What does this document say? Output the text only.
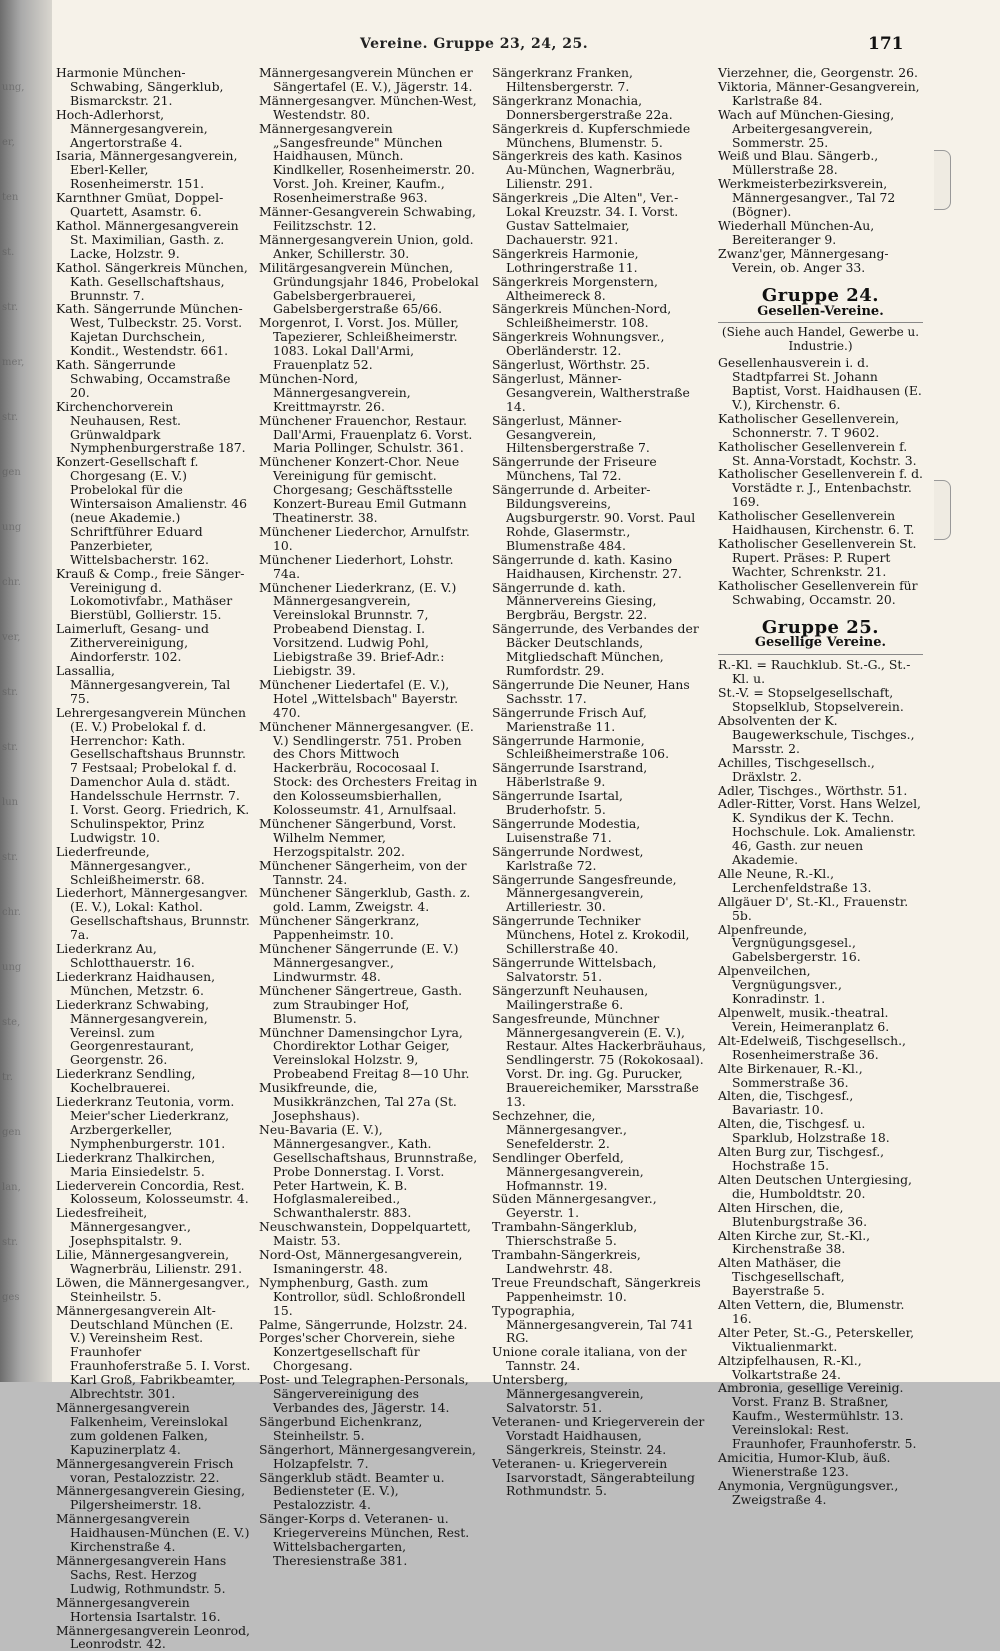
ung,
er,
ten
st.
str.
mer,
str.
gen
ung
chr.
ver,
str.
str.
lun
str.
chr.
ung
ste,
tr.
gen
lan,
str.
ges
Vereine. Gruppe 23, 24, 25.	171

Harmonie München-Schwabing, Sängerklub, Bismarckstr. 21.

Hoch-Adlerhorst, Männergesangverein, Angertorstraße 4.

Isaria, Männergesangverein, Eberl-Keller, Rosenheimerstr. 151.

Karnthner Gmüat, Doppel-Quartett, Asamstr. 6.

Kathol. Männergesangverein St. Maximilian, Gasth. z. Lacke, Holzstr. 9.

Kathol. Sängerkreis München, Kath. Gesellschaftshaus, Brunnstr. 7.

Kath. Sängerrunde München-West, Tulbeckstr. 25. Vorst. Kajetan Durchschein, Kondit., Westendstr. 661.

Kath. Sängerrunde Schwabing, Occamstraße 20.

Kirchenchorverein Neuhausen, Rest. Grünwaldpark Nymphenburgerstraße 187.

Konzert-Gesellschaft f. Chorgesang (E. V.) Probelokal für die Wintersaison Amalienstr. 46 (neue Akademie.) Schriftführer Eduard Panzerbieter, Wittelsbacherstr. 162.

Krauß & Comp., freie Sänger-Vereinigung d. Lokomotivfabr., Mathäser Bierstübl, Gollierstr. 15.

Laimerluft, Gesang- und Zithervereinigung, Aindorferstr. 102.

Lassallia, Männergesangverein, Tal 75.

Lehrergesangverein München (E. V.) Probelokal f. d. Herrenchor: Kath. Gesellschaftshaus Brunnstr. 7 Festsaal; Probelokal f. d. Damenchor Aula d. städt. Handelsschule Herrnstr. 7. I. Vorst. Georg. Friedrich, K. Schulinspektor, Prinz Ludwigstr. 10.

Liederfreunde, Männergesangver., Schleißheimerstr. 68.

Liederhort, Männergesangver. (E. V.), Lokal: Kathol. Gesellschaftshaus, Brunnstr. 7a.

Liederkranz Au, Schlotthauerstr. 16.

Liederkranz Haidhausen, München, Metzstr. 6.

Liederkranz Schwabing, Männergesangverein, Vereinsl. zum Georgenrestaurant, Georgenstr. 26.

Liederkranz Sendling, Kochelbrauerei.

Liederkranz Teutonia, vorm. Meier'scher Liederkranz, Arzbergerkeller, Nymphenburgerstr. 101.

Liederkranz Thalkirchen, Maria Einsiedelstr. 5.

Liederverein Concordia, Rest. Kolosseum, Kolosseumstr. 4.

Liedesfreiheit, Männergesangver., Josephspitalstr. 9.

Lilie, Männergesangverein, Wagnerbräu, Lilienstr. 291.

Löwen, die Männergesangver., Steinheilstr. 5.

Männergesangverein Alt-Deutschland München (E. V.) Vereinsheim Rest. Fraunhofer Fraunhoferstraße 5. I. Vorst. Karl Groß, Fabrikbeamter, Albrechtstr. 301.

Männergesangverein Falkenheim, Vereinslokal zum goldenen Falken, Kapuzinerplatz 4.

Männergesangverein Frisch voran, Pestalozzistr. 22.

Männergesangverein Giesing, Pilgersheimerstr. 18.

Männergesangverein Haidhausen-München (E. V.) Kirchenstraße 4.

Männergesangverein Hans Sachs, Rest. Herzog Ludwig, Rothmundstr. 5.

Männergesangverein Hortensia Isartalstr. 16.

Männergesangverein Leonrod, Leonrodstr. 42.

Männergesangverein München er Sängertafel (E. V.), Jägerstr. 14.

Männergesangver. München-West, Westendstr. 80.

Männergesangverein „Sangesfreunde" München Haidhausen, Münch. Kindlkeller, Rosenheimerstr. 20. Vorst. Joh. Kreiner, Kaufm., Rosenheimerstraße 963.

Männer-Gesangverein Schwabing, Feilitzschstr. 12.

Männergesangverein Union, gold. Anker, Schillerstr. 30.

Militärgesangverein München, Gründungsjahr 1846, Probelokal Gabelsbergerbrauerei, Gabelsbergerstraße 65/66.

Morgenrot, I. Vorst. Jos. Müller, Tapezierer, Schleißheimerstr. 1083. Lokal Dall'Armi, Frauenplatz 52.

München-Nord, Männergesangverein, Kreittmayrstr. 26.

Münchener Frauenchor, Restaur. Dall'Armi, Frauenplatz 6. Vorst. Maria Pollinger, Schulstr. 361.

Münchener Konzert-Chor. Neue Vereinigung für gemischt. Chorgesang; Geschäftsstelle Konzert-Bureau Emil Gutmann Theatinerstr. 38.

Münchener Liederchor, Arnulfstr. 10.

Münchener Liederhort, Lohstr. 74a.

Münchener Liederkranz, (E. V.) Männergesangverein, Vereinslokal Brunnstr. 7, Probeabend Dienstag. I. Vorsitzend. Ludwig Pohl, Liebigstraße 39. Brief-Adr.: Liebigstr. 39.

Münchener Liedertafel (E. V.), Hotel „Wittelsbach" Bayerstr. 470.

Münchener Männergesangver. (E. V.) Sendlingerstr. 751. Proben des Chors Mittwoch Hackerbräu, Rococosaal I. Stock: des Orchesters Freitag in den Kolosseumsbierhallen, Kolosseumstr. 41, Arnulfsaal.

Münchener Sängerbund, Vorst. Wilhelm Nemmer, Herzogspitalstr. 202.

Münchener Sängerheim, von der Tannstr. 24.

Münchener Sängerklub, Gasth. z. gold. Lamm, Zweigstr. 4.

Münchener Sängerkranz, Pappenheimstr. 10.

Münchener Sängerrunde (E. V.) Männergesangver., Lindwurmstr. 48.

Münchener Sängertreue, Gasth. zum Straubinger Hof, Blumenstr. 5.

Münchner Damensingchor Lyra, Chordirektor Lothar Geiger, Vereinslokal Holzstr. 9, Probeabend Freitag 8—10 Uhr.

Musikfreunde, die, Musikkränzchen, Tal 27a (St. Josephshaus).

Neu-Bavaria (E. V.), Männergesangver., Kath. Gesellschaftshaus, Brunnstraße, Probe Donnerstag. I. Vorst. Peter Hartwein, K. B. Hofglasmalereibed., Schwanthalerstr. 883.

Neuschwanstein, Doppelquartett, Maistr. 53.

Nord-Ost, Männergesangverein, Ismaningerstr. 48.

Nymphenburg, Gasth. zum Kontrollor, südl. Schloßrondell 15.

Palme, Sängerrunde, Holzstr. 24.

Porges'scher Chorverein, siehe Konzertgesellschaft für Chorgesang.

Post- und Telegraphen-Personals, Sängervereinigung des Verbandes des, Jägerstr. 14.

Sängerbund Eichenkranz, Steinheilstr. 5.

Sängerhort, Männergesangverein, Holzapfelstr. 7.

Sängerklub städt. Beamter u. Bediensteter (E. V.), Pestalozzistr. 4.

Sänger-Korps d. Veteranen- u. Kriegervereins München, Rest. Wittelsbachergarten, Theresienstraße 381.

Sängerkranz Franken, Hiltensbergerstr. 7.

Sängerkranz Monachia, Donnersbergerstraße 22a.

Sängerkreis d. Kupferschmiede Münchens, Blumenstr. 5.

Sängerkreis des kath. Kasinos Au-München, Wagnerbräu, Lilienstr. 291.

Sängerkreis „Die Alten", Ver.-Lokal Kreuzstr. 34. I. Vorst. Gustav Sattelmaier, Dachauerstr. 921.

Sängerkreis Harmonie, Lothringerstraße 11.

Sängerkreis Morgenstern, Altheimereck 8.

Sängerkreis München-Nord, Schleißheimerstr. 108.

Sängerkreis Wohnungsver., Oberländerstr. 12.

Sängerlust, Wörthstr. 25.

Sängerlust, Männer-Gesangverein, Waltherstraße 14.

Sängerlust, Männer-Gesangverein, Hiltensbergerstraße 7.

Sängerrunde der Friseure Münchens, Tal 72.

Sängerrunde d. Arbeiter-Bildungsvereins, Augsburgerstr. 90. Vorst. Paul Rohde, Glasermstr., Blumenstraße 484.

Sängerrunde d. kath. Kasino Haidhausen, Kirchenstr. 27.

Sängerrunde d. kath. Männervereins Giesing, Bergbräu, Bergstr. 22.

Sängerrunde, des Verbandes der Bäcker Deutschlands, Mitgliedschaft München, Rumfordstr. 29.

Sängerrunde Die Neuner, Hans Sachsstr. 17.

Sängerrunde Frisch Auf, Marienstraße 11.

Sängerrunde Harmonie, Schleißheimerstraße 106.

Sängerrunde Isarstrand, Häberlstraße 9.

Sängerrunde Isartal, Bruderhofstr. 5.

Sängerrunde Modestia, Luisenstraße 71.

Sängerrunde Nordwest, Karlstraße 72.

Sängerrunde Sangesfreunde, Männergesangverein, Artilleriestr. 30.

Sängerrunde Techniker Münchens, Hotel z. Krokodil, Schillerstraße 40.

Sängerrunde Wittelsbach, Salvatorstr. 51.

Sängerzunft Neuhausen, Mailingerstraße 6.

Sangesfreunde, Münchner Männergesangverein (E. V.), Restaur. Altes Hackerbräuhaus, Sendlingerstr. 75 (Rokokosaal). Vorst. Dr. ing. Gg. Purucker, Brauereichemiker, Marsstraße 13.

Sechzehner, die, Männergesangver., Senefelderstr. 2.

Sendlinger Oberfeld, Männergesangverein, Hofmannstr. 19.

Süden Männergesangver., Geyerstr. 1.

Trambahn-Sängerklub, Thierschstraße 5.

Trambahn-Sängerkreis, Landwehrstr. 48.

Treue Freundschaft, Sängerkreis Pappenheimstr. 10.

Typographia, Männergesangverein, Tal 741 RG.

Unione corale italiana, von der Tannstr. 24.

Untersberg, Männergesangverein, Salvatorstr. 51.

Veteranen- und Kriegerverein der Vorstadt Haidhausen, Sängerkreis, Steinstr. 24.

Veteranen- u. Kriegerverein Isarvorstadt, Sängerabteilung Rothmundstr. 5.

Vierzehner, die, Georgenstr. 26.

Viktoria, Männer-Gesangverein, Karlstraße 84.

Wach auf München-Giesing, Arbeitergesangverein, Sommerstr. 25.

Weiß und Blau. Sängerb., Müllerstraße 28.

Werkmeisterbezirksverein, Männergesangver., Tal 72 (Bögner).

Wiederhall München-Au, Bereiteranger 9.

Zwanz'ger, Männergesang-Verein, ob. Anger 33.

Gruppe 24.
Gesellen-Vereine.
(Siehe auch Handel, Gewerbe u. Industrie.)

Gesellenhausverein i. d. Stadtpfarrei St. Johann Baptist, Vorst. Haidhausen (E. V.), Kirchenstr. 6.

Katholischer Gesellenverein, Schonnerstr. 7. T 9602.

Katholischer Gesellenverein f. St. Anna-Vorstadt, Kochstr. 3.

Katholischer Gesellenverein f. d. Vorstädte r. J., Entenbachstr. 169.

Katholischer Gesellenverein Haidhausen, Kirchenstr. 6. T.

Katholischer Gesellenverein St. Rupert. Präses: P. Rupert Wachter, Schrenkstr. 21.

Katholischer Gesellenverein für Schwabing, Occamstr. 20.

Gruppe 25.
Gesellige Vereine.

R.-Kl. = Rauchklub. St.-G., St.-Kl. u.

St.-V. = Stopselgesellschaft, Stopselklub, Stopselverein.

Absolventen der K. Baugewerkschule, Tischges., Marsstr. 2.

Achilles, Tischgesellsch., Dräxlstr. 2.

Adler, Tischges., Wörthstr. 51.

Adler-Ritter, Vorst. Hans Welzel, K. Syndikus der K. Techn. Hochschule. Lok. Amalienstr. 46, Gasth. zur neuen Akademie.

Alle Neune, R.-Kl., Lerchenfeldstraße 13.

Allgäuer D', St.-Kl., Frauenstr. 5b.

Alpenfreunde, Vergnügungsgesel., Gabelsbergerstr. 16.

Alpenveilchen, Vergnügungsver., Konradinstr. 1.

Alpenwelt, musik.-theatral. Verein, Heimeranplatz 6.

Alt-Edelweiß, Tischgesellsch., Rosenheimerstraße 36.

Alte Birkenauer, R.-Kl., Sommerstraße 36.

Alten, die, Tischgesf., Bavariastr. 10.

Alten, die, Tischgesf. u. Sparklub, Holzstraße 18.

Alten Burg zur, Tischgesf., Hochstraße 15.

Alten Deutschen Untergiesing, die, Humboldtstr. 20.

Alten Hirschen, die, Blutenburgstraße 36.

Alten Kirche zur, St.-Kl., Kirchenstraße 38.

Alten Mathäser, die Tischgesellschaft, Bayerstraße 5.

Alten Vettern, die, Blumenstr. 16.

Alter Peter, St.-G., Peterskeller, Viktualienmarkt.

Altzipfelhausen, R.-Kl., Volkartstraße 24.

Ambronia, gesellige Vereinig. Vorst. Franz B. Straßner, Kaufm., Westermühlstr. 13. Vereinslokal: Rest. Fraunhofer, Fraunhoferstr. 5.

Amicitia, Humor-Klub, äuß. Wienerstraße 123.

Anymonia, Vergnügungsver., Zweigstraße 4.
